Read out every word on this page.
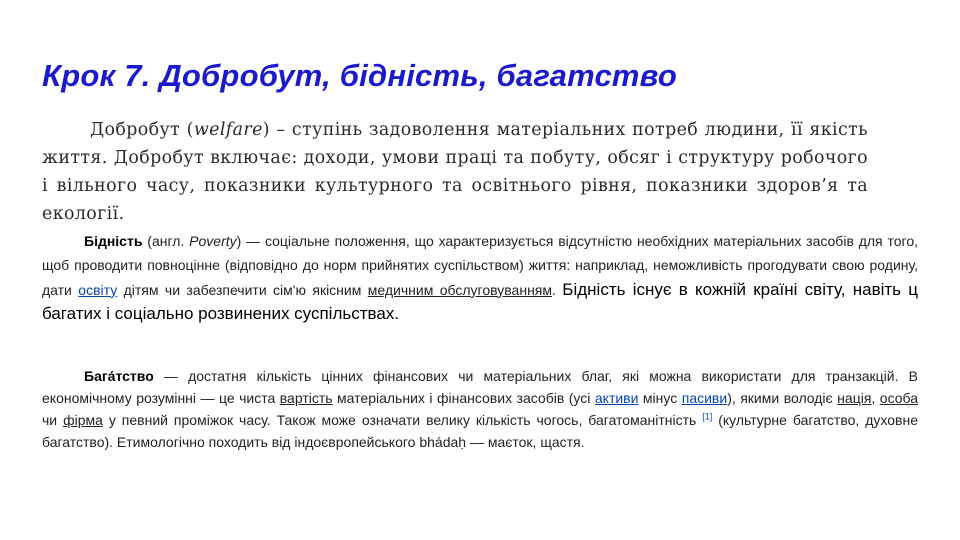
Крок 7. Добробут, бідність, багатство
Добробут (welfare) – ступінь задоволення матеріальних потреб людини, її якість життя. Добробут включає: доходи, умови праці та побуту, обсяг і структуру робочого і вільного часу, показники культурного та освітнього рівня, показники здоров’я та екології.
Бідність (англ. Poverty) — соціальне положення, що характеризується відсутністю необхідних матеріальних засобів для того, щоб проводити повноцінне (відповідно до норм прийнятих суспільством) життя: наприклад, неможливість прогодувати свою родину, дати освіту дітям чи забезпечити сім'ю якісним медичним обслуговуванням. Бідність існує в кожній країні світу, навіть ц багатих і соціально розвинених суспільствах.
Бага́тство — достатня кількість цінних фінансових чи матеріальних благ, які можна використати для транзакцій. В економічному розумінні — це чиста вартість матеріальних і фінансових засобів (усі активи мінус пасиви), якими володіє нація, особа чи фірма у певний проміжок часу. Також може означати велику кількість чогось, багатоманітність [1] (культурне багатство, духовне багатство). Етимологічно походить від індоєвропейського bhádaḥ — маєток, щастя.
